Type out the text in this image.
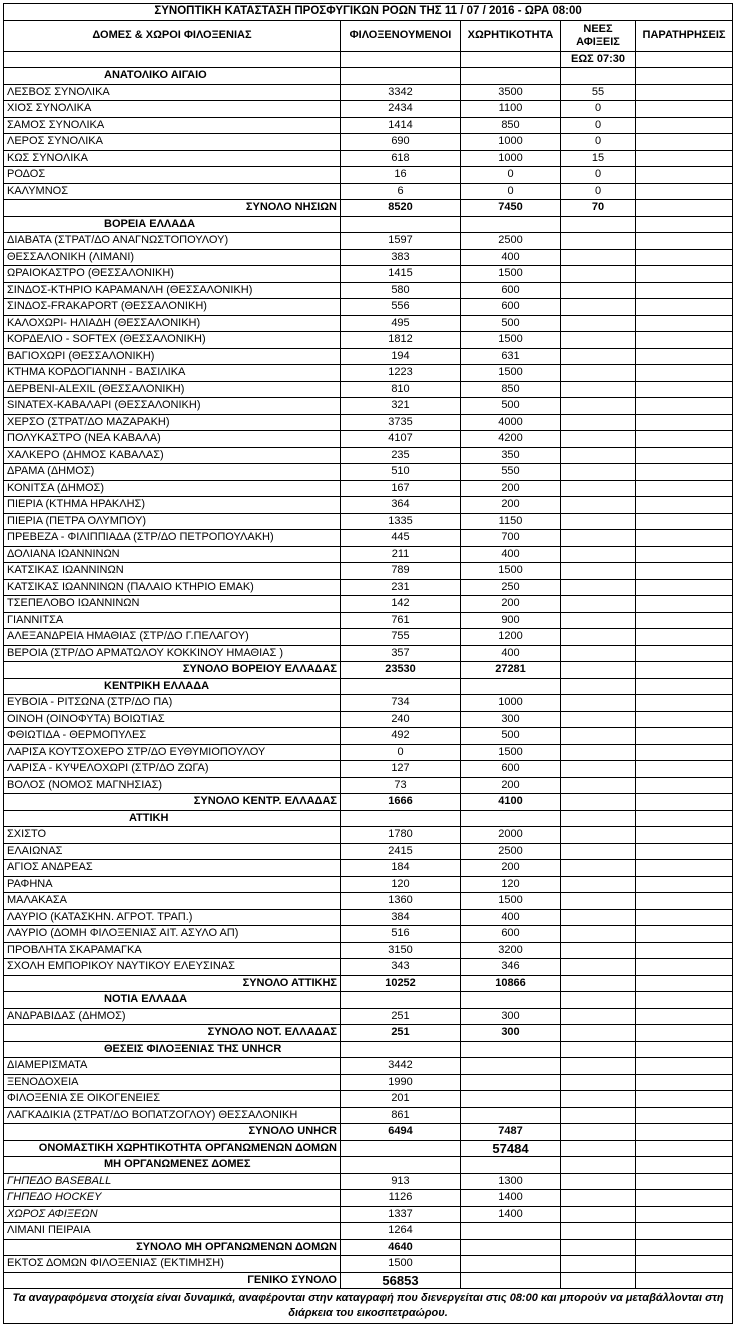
ΣΥΝΟΠΤΙΚΗ ΚΑΤΑΣΤΑΣΗ ΠΡΟΣΦΥΓΙΚΩΝ ΡΟΩΝ ΤΗΣ 11 / 07 / 2016 - ΩΡΑ 08:00				
ΔΟΜΕΣ & ΧΩΡΟΙ ΦΙΛΟΞΕΝΙΑΣ	ΦΙΛΟΞΕΝΟΥΜΕΝΟΙ	ΧΩΡΗΤΙΚΟΤΗΤΑ	ΝΕΕΣ ΑΦΙΞΕΙΣ	ΠΑΡΑΤΗΡΗΣΕΙΣ
			ΕΩΣ 07:30	
ΑΝΑΤΟΛΙΚΟ ΑΙΓΑΙΟ				
ΛΕΣΒΟΣ ΣΥΝΟΛΙΚΑ	3342	3500	55	
ΧΙΟΣ ΣΥΝΟΛΙΚΑ	2434	1100	0	
ΣΑΜΟΣ ΣΥΝΟΛΙΚΑ	1414	850	0	
ΛΕΡΟΣ ΣΥΝΟΛΙΚΑ	690	1000	0	
ΚΩΣ ΣΥΝΟΛΙΚΑ	618	1000	15	
ΡΟΔΟΣ	16	0	0	
ΚΑΛΥΜΝΟΣ	6	0	0	
ΣΥΝΟΛΟ ΝΗΣΙΩΝ	8520	7450	70	
ΒΟΡΕΙΑ ΕΛΛΑΔΑ				
ΔΙΑΒΑΤΑ (ΣΤΡΑΤ/ΔΟ ΑΝΑΓΝΩΣΤΟΠΟΥΛΟΥ)	1597	2500		
ΘΕΣΣΑΛΟΝΙΚΗ (ΛΙΜΑΝΙ)	383	400		
ΩΡΑΙΟΚΑΣΤΡΟ (ΘΕΣΣΑΛΟΝΙΚΗ)	1415	1500		
ΣΙΝΔΟΣ-ΚΤΗΡΙΟ ΚΑΡΑΜΑΝΛΗ (ΘΕΣΣΑΛΟΝΙΚΗ)	580	600		
ΣΙΝΔΟΣ-FRAKAPORT (ΘΕΣΣΑΛΟΝΙΚΗ)	556	600		
ΚΑΛΟΧΩΡΙ- ΗΛΙΑΔΗ (ΘΕΣΣΑΛΟΝΙΚΗ)	495	500		
ΚΟΡΔΕΛΙΟ - SOFTEX (ΘΕΣΣΑΛΟΝΙΚΗ)	1812	1500		
ΒΑΓΙΟΧΩΡΙ (ΘΕΣΣΑΛΟΝΙΚΗ)	194	631		
ΚΤΗΜΑ ΚΟΡΔΟΓΙΑΝΝΗ - ΒΑΣΙΛΙΚΑ	1223	1500		
ΔΕΡΒΕΝΙ-ALEXIL (ΘΕΣΣΑΛΟΝΙΚΗ)	810	850		
SINATEX-ΚΑΒΑΛΑΡΙ (ΘΕΣΣΑΛΟΝΙΚΗ)	321	500		
ΧΕΡΣΟ (ΣΤΡΑΤ/ΔΟ ΜΑΖΑΡΑΚΗ)	3735	4000		
ΠΟΛΥΚΑΣΤΡΟ (ΝΕΑ ΚΑΒΑΛΑ)	4107	4200		
ΧΑΛΚΕΡΟ (ΔΗΜΟΣ ΚΑΒΑΛΑΣ)	235	350		
ΔΡΑΜΑ (ΔΗΜΟΣ)	510	550		
ΚΟΝΙΤΣΑ (ΔΗΜΟΣ)	167	200		
ΠΙΕΡΙΑ (ΚΤΗΜΑ ΗΡΑΚΛΗΣ)	364	200		
ΠΙΕΡΙΑ (ΠΕΤΡΑ ΟΛΥΜΠΟΥ)	1335	1150		
ΠΡΕΒΕΖΑ - ΦΙΛΙΠΠΙΑΔΑ (ΣΤΡ/ΔΟ ΠΕΤΡΟΠΟΥΛΑΚΗ)	445	700		
ΔΟΛΙΑΝΑ ΙΩΑΝΝΙΝΩΝ	211	400		
ΚΑΤΣΙΚΑΣ ΙΩΑΝΝΙΝΩΝ	789	1500		
ΚΑΤΣΙΚΑΣ ΙΩΑΝΝΙΝΩΝ (ΠΑΛΑΙΟ ΚΤΗΡΙΟ ΕΜΑΚ)	231	250		
ΤΣΕΠΕΛΟΒΟ ΙΩΑΝΝΙΝΩΝ	142	200		
ΓΙΑΝΝΙΤΣΑ	761	900		
ΑΛΕΞΑΝΔΡΕΙΑ ΗΜΑΘΙΑΣ (ΣΤΡ/ΔΟ Γ.ΠΕΛΑΓΟΥ)	755	1200		
ΒΕΡΟΙΑ (ΣΤΡ/ΔΟ ΑΡΜΑΤΩΛΟΥ ΚΟΚΚΙΝΟΥ ΗΜΑΘΙΑΣ )	357	400		
ΣΥΝΟΛΟ ΒΟΡΕΙΟΥ ΕΛΛΑΔΑΣ	23530	27281		
ΚΕΝΤΡΙΚΗ ΕΛΛΑΔΑ				
ΕΥΒΟΙΑ - ΡΙΤΣΩΝΑ (ΣΤΡ/ΔΟ ΠΑ)	734	1000		
ΟΙΝΟΗ (ΟΙΝΟΦΥΤΑ) ΒΟΙΩΤΙΑΣ	240	300		
ΦΘΙΩΤΙΔΑ - ΘΕΡΜΟΠΥΛΕΣ	492	500		
ΛΑΡΙΣΑ ΚΟΥΤΣΟΧΕΡΟ ΣΤΡ/ΔΟ ΕΥΘΥΜΙΟΠΟΥΛΟΥ	0	1500		
ΛΑΡΙΣΑ - ΚΥΨΕΛΟΧΩΡΙ (ΣΤΡ/ΔΟ ΖΩΓΑ)	127	600		
ΒΟΛΟΣ (ΝΟΜΟΣ ΜΑΓΝΗΣΙΑΣ)	73	200		
ΣΥΝΟΛΟ ΚΕΝΤΡ. ΕΛΛΑΔΑΣ	1666	4100		
ΑΤΤΙΚΗ				
ΣΧΙΣΤΟ	1780	2000		
ΕΛΑΙΩΝΑΣ	2415	2500		
ΑΓΙΟΣ ΑΝΔΡΕΑΣ	184	200		
ΡΑΦΗΝΑ	120	120		
ΜΑΛΑΚΑΣΑ	1360	1500		
ΛΑΥΡΙΟ (ΚΑΤΑΣΚΗΝ. ΑΓΡΟΤ. ΤΡΑΠ.)	384	400		
ΛΑΥΡΙΟ (ΔΟΜΗ ΦΙΛΟΞΕΝΙΑΣ ΑΙΤ. ΑΣΥΛΟ ΑΠ)	516	600		
ΠΡΟΒΛΗΤΑ ΣΚΑΡΑΜΑΓΚΑ	3150	3200		
ΣΧΟΛΗ ΕΜΠΟΡΙΚΟΥ ΝΑΥΤΙΚΟΥ ΕΛΕΥΣΙΝΑΣ	343	346		
ΣΥΝΟΛΟ ΑΤΤΙΚΗΣ	10252	10866		
ΝΟΤΙΑ ΕΛΛΑΔΑ				
ΑΝΔΡΑΒΙΔΑΣ (ΔΗΜΟΣ)	251	300		
ΣΥΝΟΛΟ ΝΟΤ. ΕΛΛΑΔΑΣ	251	300		
ΘΕΣΕΙΣ ΦΙΛΟΞΕΝΙΑΣ ΤΗΣ UNHCR				
ΔΙΑΜΕΡΙΣΜΑΤΑ	3442			
ΞΕΝΟΔΟΧΕΙΑ	1990			
ΦΙΛΟΞΕΝΙΑ ΣΕ ΟΙΚΟΓΕΝΕΙΕΣ	201			
ΛΑΓΚΑΔΙΚΙΑ (ΣΤΡΑΤ/ΔΟ ΒΟΠΑΤΖΟΓΛΟΥ) ΘΕΣΣΑΛΟΝΙΚΗ	861			
ΣΥΝΟΛΟ UNHCR	6494	7487		
ΟΝΟΜΑΣΤΙΚΗ ΧΩΡΗΤΙΚΟΤΗΤΑ ΟΡΓΑΝΩΜΕΝΩΝ ΔΟΜΩΝ		57484		
ΜΗ ΟΡΓΑΝΩΜΕΝΕΣ ΔΟΜΕΣ				
ΓΗΠΕΔΟ BASEBALL	913	1300		
ΓΗΠΕΔΟ HOCKEY	1126	1400		
ΧΩΡΟΣ ΑΦΙΞΕΩΝ	1337	1400		
ΛΙΜΑΝΙ ΠΕΙΡΑΙΑ	1264			
ΣΥΝΟΛΟ ΜΗ ΟΡΓΑΝΩΜΕΝΩΝ ΔΟΜΩΝ	4640			
ΕΚΤΟΣ ΔΟΜΩΝ ΦΙΛΟΞΕΝΙΑΣ (ΕΚΤΙΜΗΣΗ)	1500			
ΓΕΝΙΚΟ ΣΥΝΟΛΟ	56853			
Τα αναγραφόμενα στοιχεία είναι δυναμικά, αναφέρονται στην καταγραφή που διενεργείται στις 08:00 και μπορούν να μεταβάλλονται στη διάρκεια του εικοσιτετραώρου.				
